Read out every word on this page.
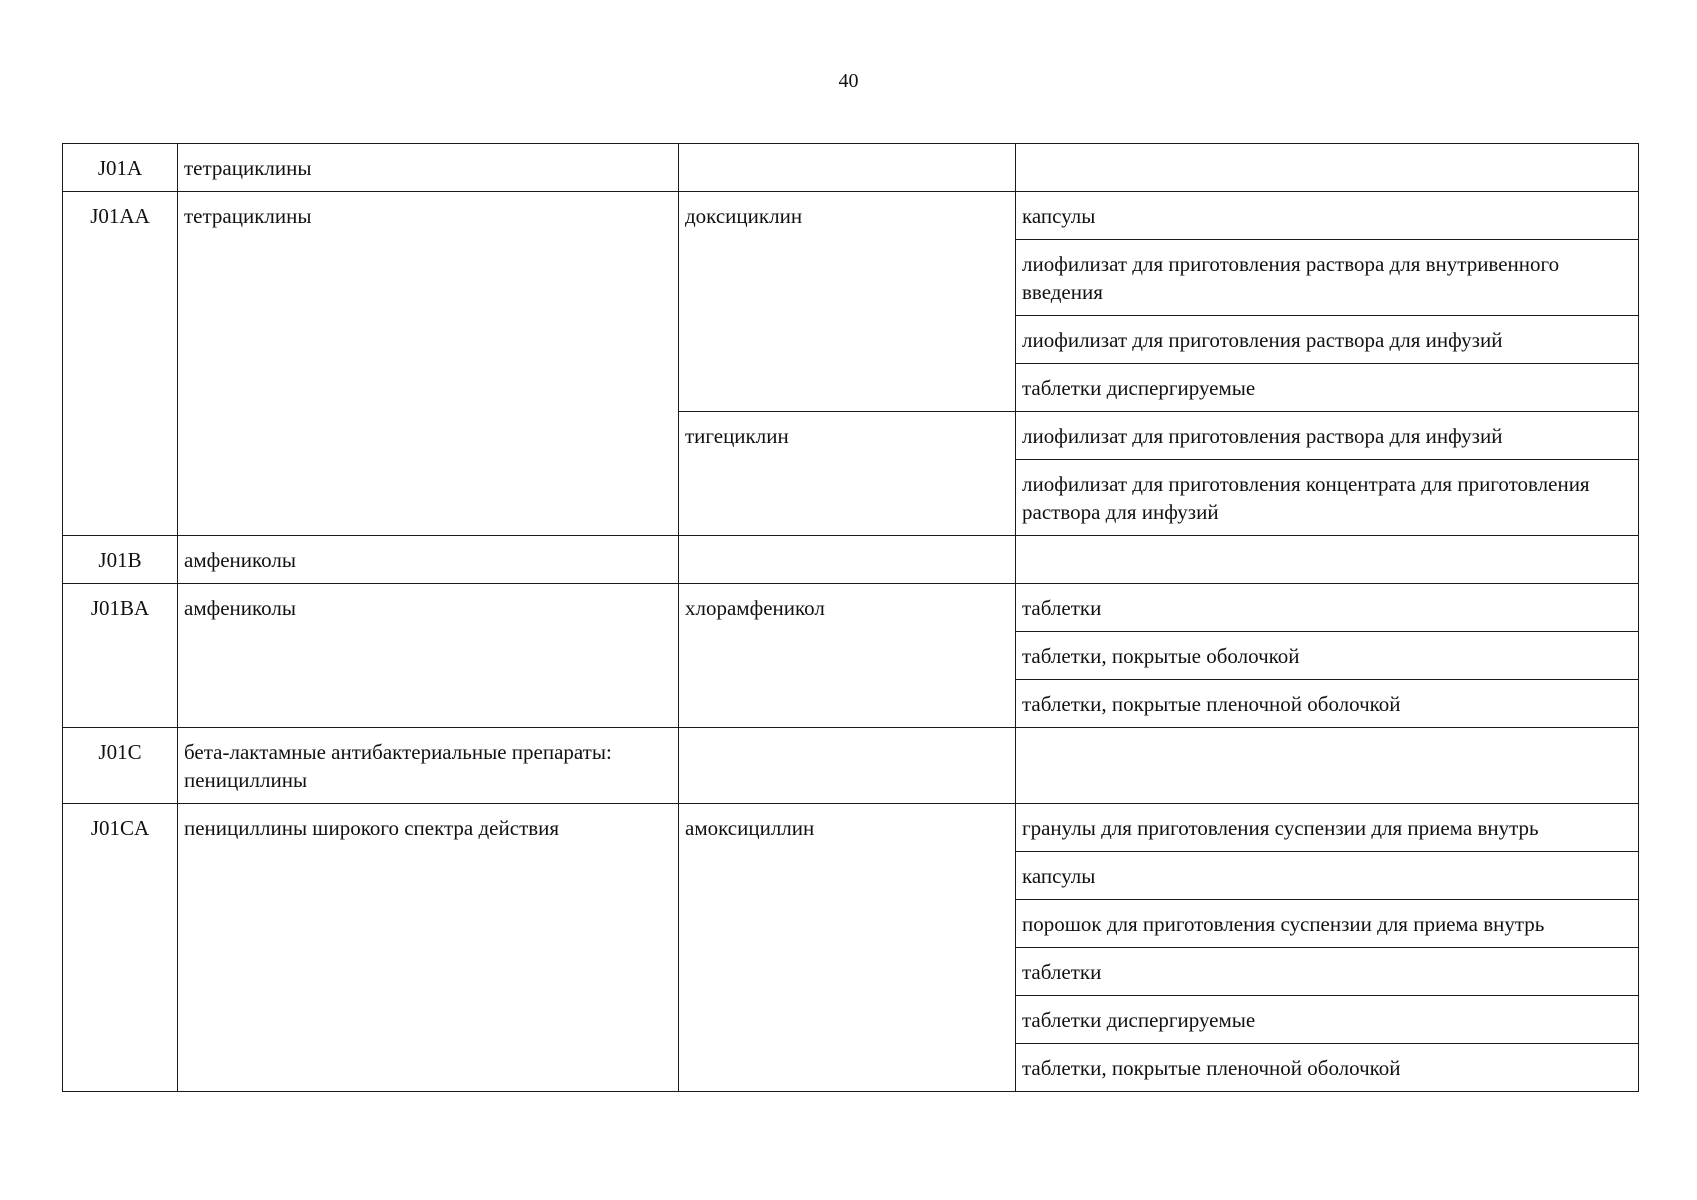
40
J01A	тетрациклины		
J01AA	тетрациклины	доксициклин	капсулы
			лиофилизат для приготовления раствора для внутривенного введения
			лиофилизат для приготовления раствора для инфузий
			таблетки диспергируемые
		тигециклин	лиофилизат для приготовления раствора для инфузий
			лиофилизат для приготовления концентрата для приготовления раствора для инфузий
J01B	амфениколы		
J01BA	амфениколы	хлорамфеникол	таблетки
			таблетки, покрытые оболочкой
			таблетки, покрытые пленочной оболочкой
J01C	бета-лактамные антибактериальные препараты: пенициллины		
J01CA	пенициллины широкого спектра действия	амоксициллин	гранулы для приготовления суспензии для приема внутрь
			капсулы
			порошок для приготовления суспензии для приема внутрь
			таблетки
			таблетки диспергируемые
			таблетки, покрытые пленочной оболочкой
